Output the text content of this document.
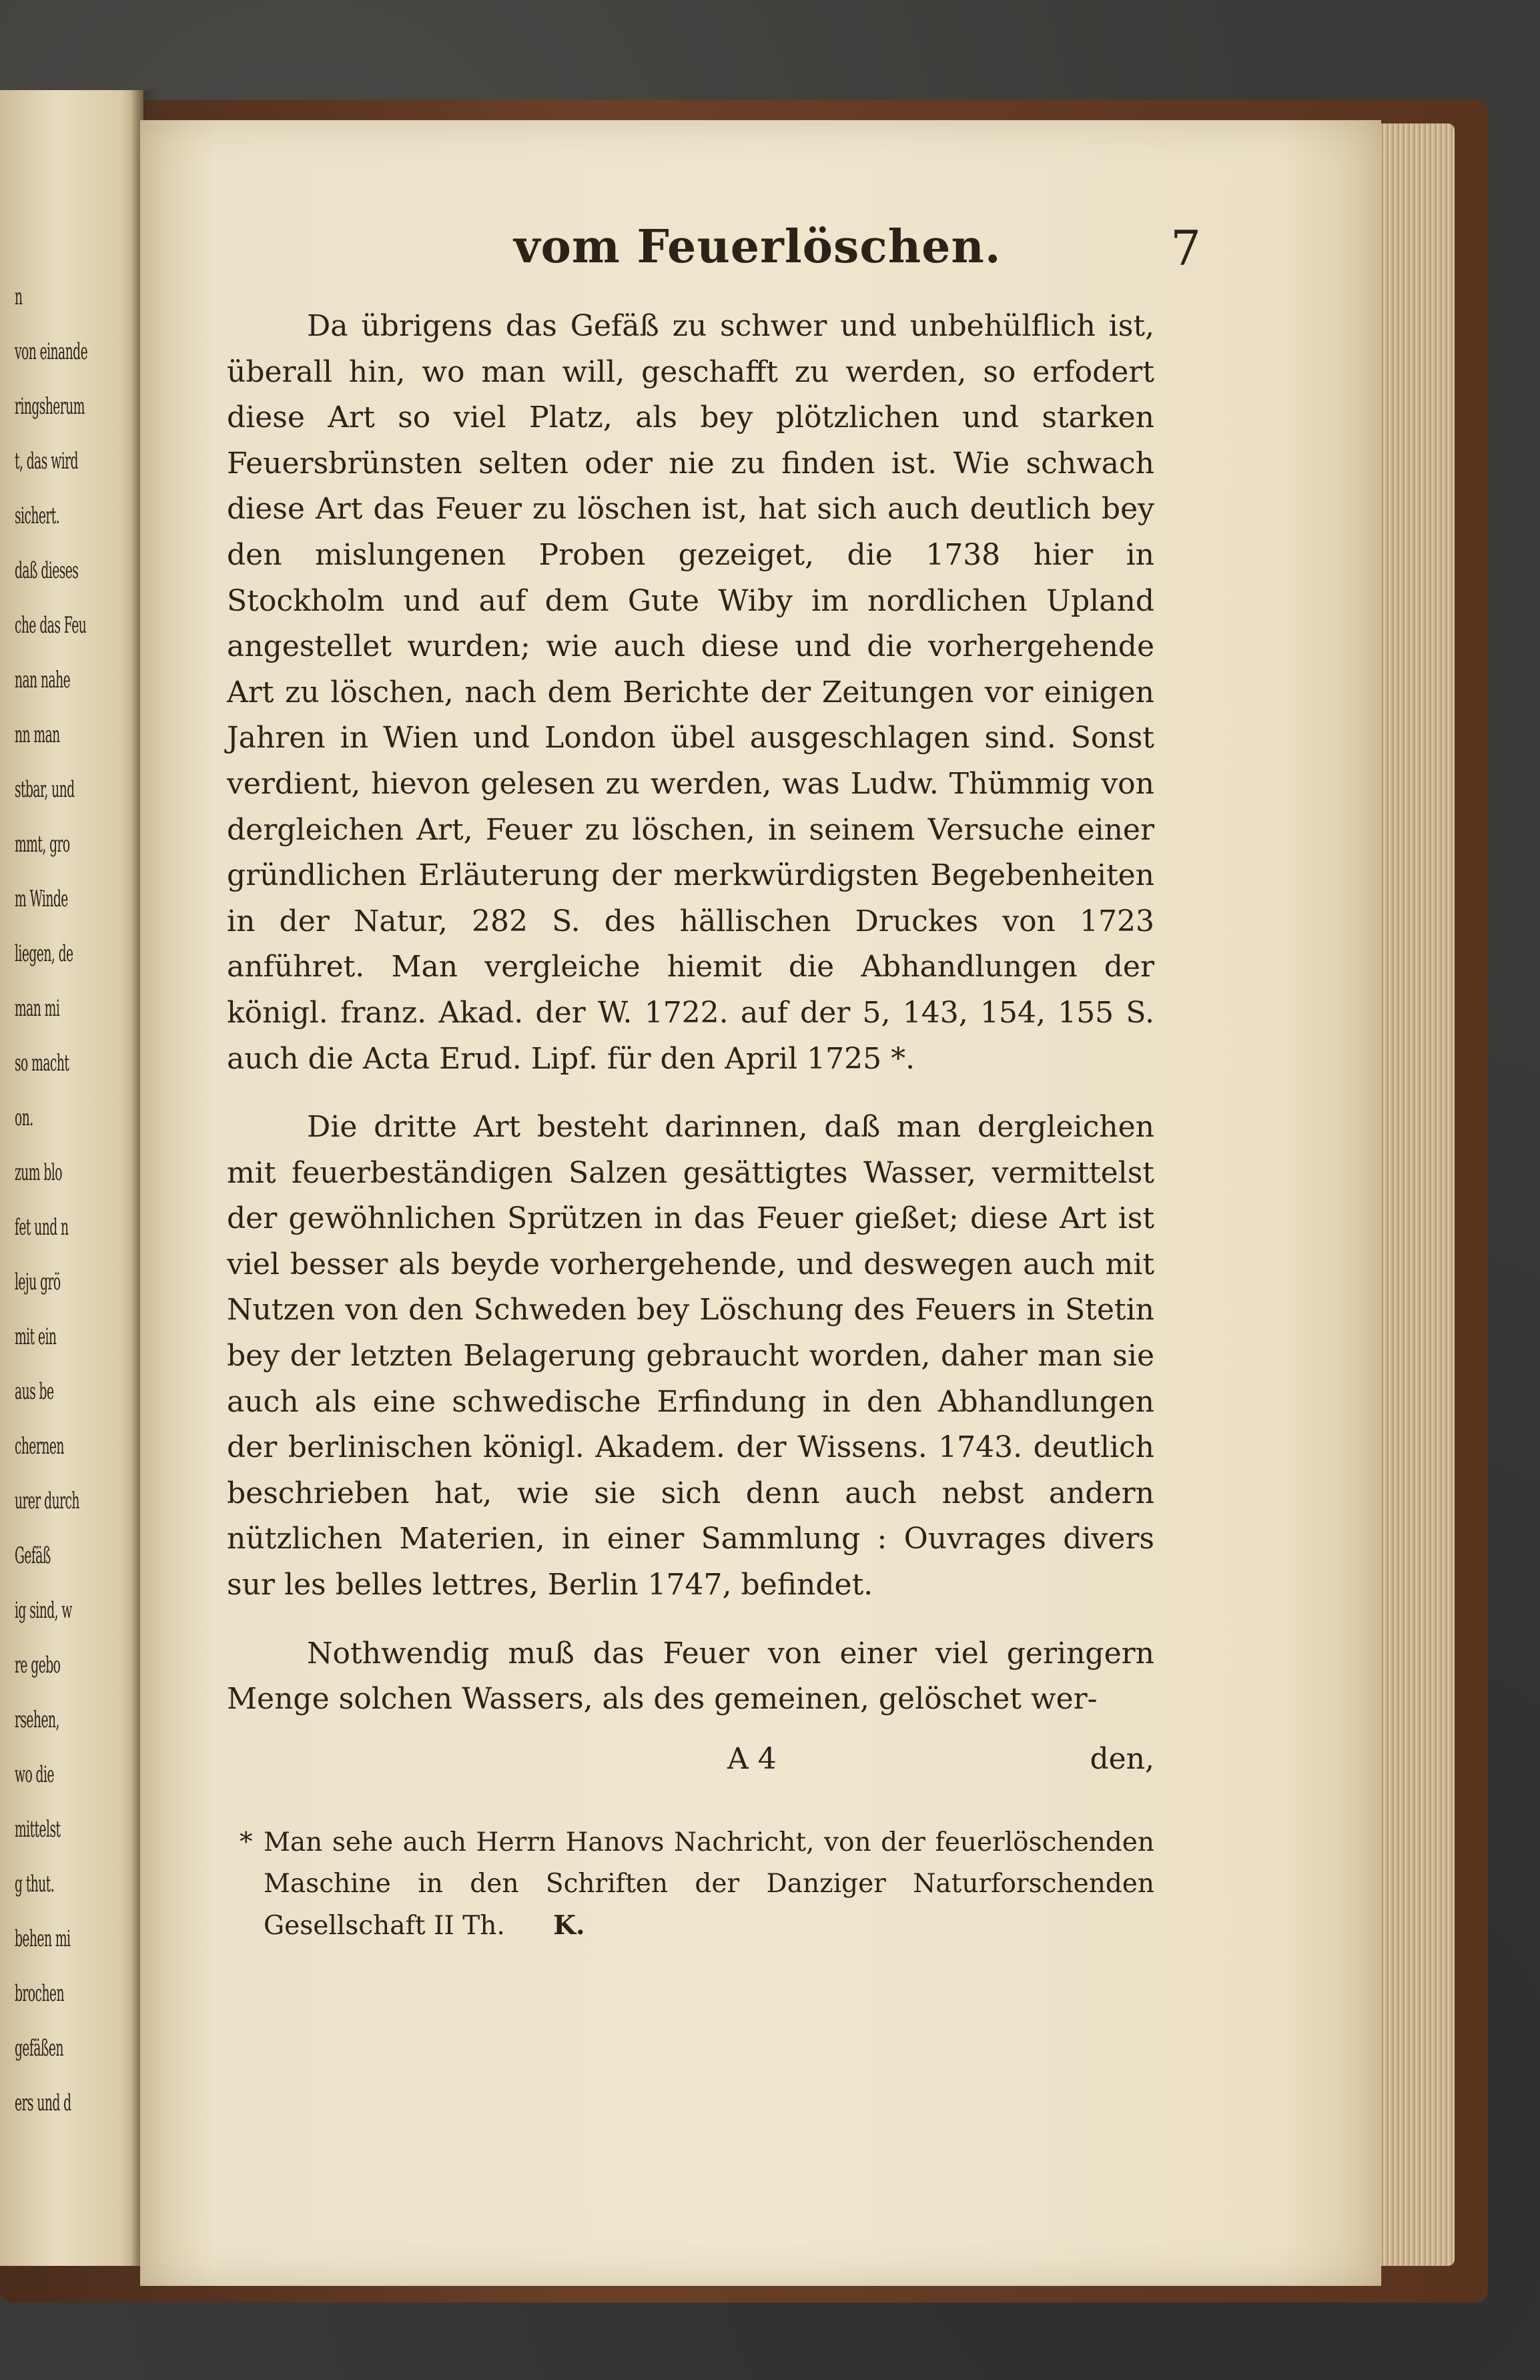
n
von einande
ringsherum
t, das wird
sichert.
daß dieses
che das Feu
nan nahe
nn man
stbar, und
mmt, gro
m Winde
liegen, de
man mi
so macht
on.
zum blo
fet und n
leju grö
mit ein
aus be
chernen
urer durch
Gefäß
ig sind, w
re gebo
rsehen,
wo die
mittelst
g thut.
behen mi
brochen
gefäßen
ers und d
vom Feuerlöschen.	7

Da übrigens das Gefäß zu schwer und unbehülflich ist, überall hin, wo man will, geschafft zu werden, so erfodert diese Art so viel Platz, als bey plötzlichen und starken Feuersbrünsten selten oder nie zu finden ist. Wie schwach diese Art das Feuer zu löschen ist, hat sich auch deutlich bey den mislungenen Proben gezeiget, die 1738 hier in Stockholm und auf dem Gute Wiby im nordlichen Upland angestellet wurden; wie auch diese und die vorhergehende Art zu löschen, nach dem Berichte der Zeitungen vor einigen Jahren in Wien und London übel ausgeschlagen sind. Sonst verdient, hievon gelesen zu werden, was Ludw. Thümmig von dergleichen Art, Feuer zu löschen, in seinem Versuche einer gründlichen Erläuterung der merkwürdigsten Begebenheiten in der Natur, 282 S. des hällischen Druckes von 1723 anführet. Man vergleiche hiemit die Abhandlungen der königl. franz. Akad. der W. 1722. auf der 5, 143, 154, 155 S. auch die Acta Erud. Lipf. für den April 1725 *.

Die dritte Art besteht darinnen, daß man dergleichen mit feuerbeständigen Salzen gesättigtes Wasser, vermittelst der gewöhnlichen Sprützen in das Feuer gießet; diese Art ist viel besser als beyde vorhergehende, und deswegen auch mit Nutzen von den Schweden bey Löschung des Feuers in Stetin bey der letzten Belagerung gebraucht worden, daher man sie auch als eine schwedische Erfindung in den Abhandlungen der berlinischen königl. Akadem. der Wissens. 1743. deutlich beschrieben hat, wie sie sich denn auch nebst andern nützlichen Materien, in einer Sammlung : Ouvrages divers sur les belles lettres, Berlin 1747, befindet.

Nothwendig muß das Feuer von einer viel geringern Menge solchen Wassers, als des gemeinen, gelöschet wer-

A 4	den,
* Man sehe auch Herrn Hanovs Nachricht, von der feuerlöschenden Maschine in den Schriften der Danziger Naturforschenden Gesellschaft II Th. K.
